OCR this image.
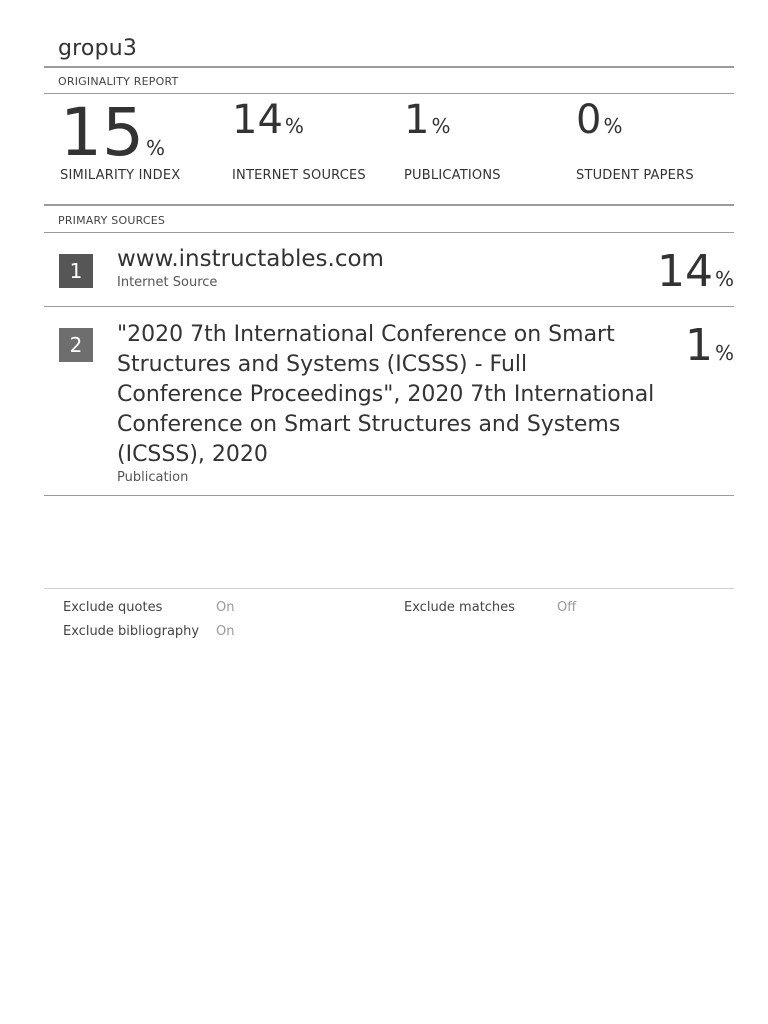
gropu3
ORIGINALITY REPORT
15 %
SIMILARITY INDEX
14 %
INTERNET SOURCES
1 %
PUBLICATIONS
0 %
STUDENT PAPERS
PRIMARY SOURCES
1	www.instructables.com
Internet Source	14 %
2	"2020 7th International Conference on Smart Structures and Systems (ICSSS) - Full Conference Proceedings", 2020 7th International Conference on Smart Structures and Systems (ICSSS), 2020
Publication
1 %
Exclude quotes	On	Exclude matches	Off
Exclude bibliography On
